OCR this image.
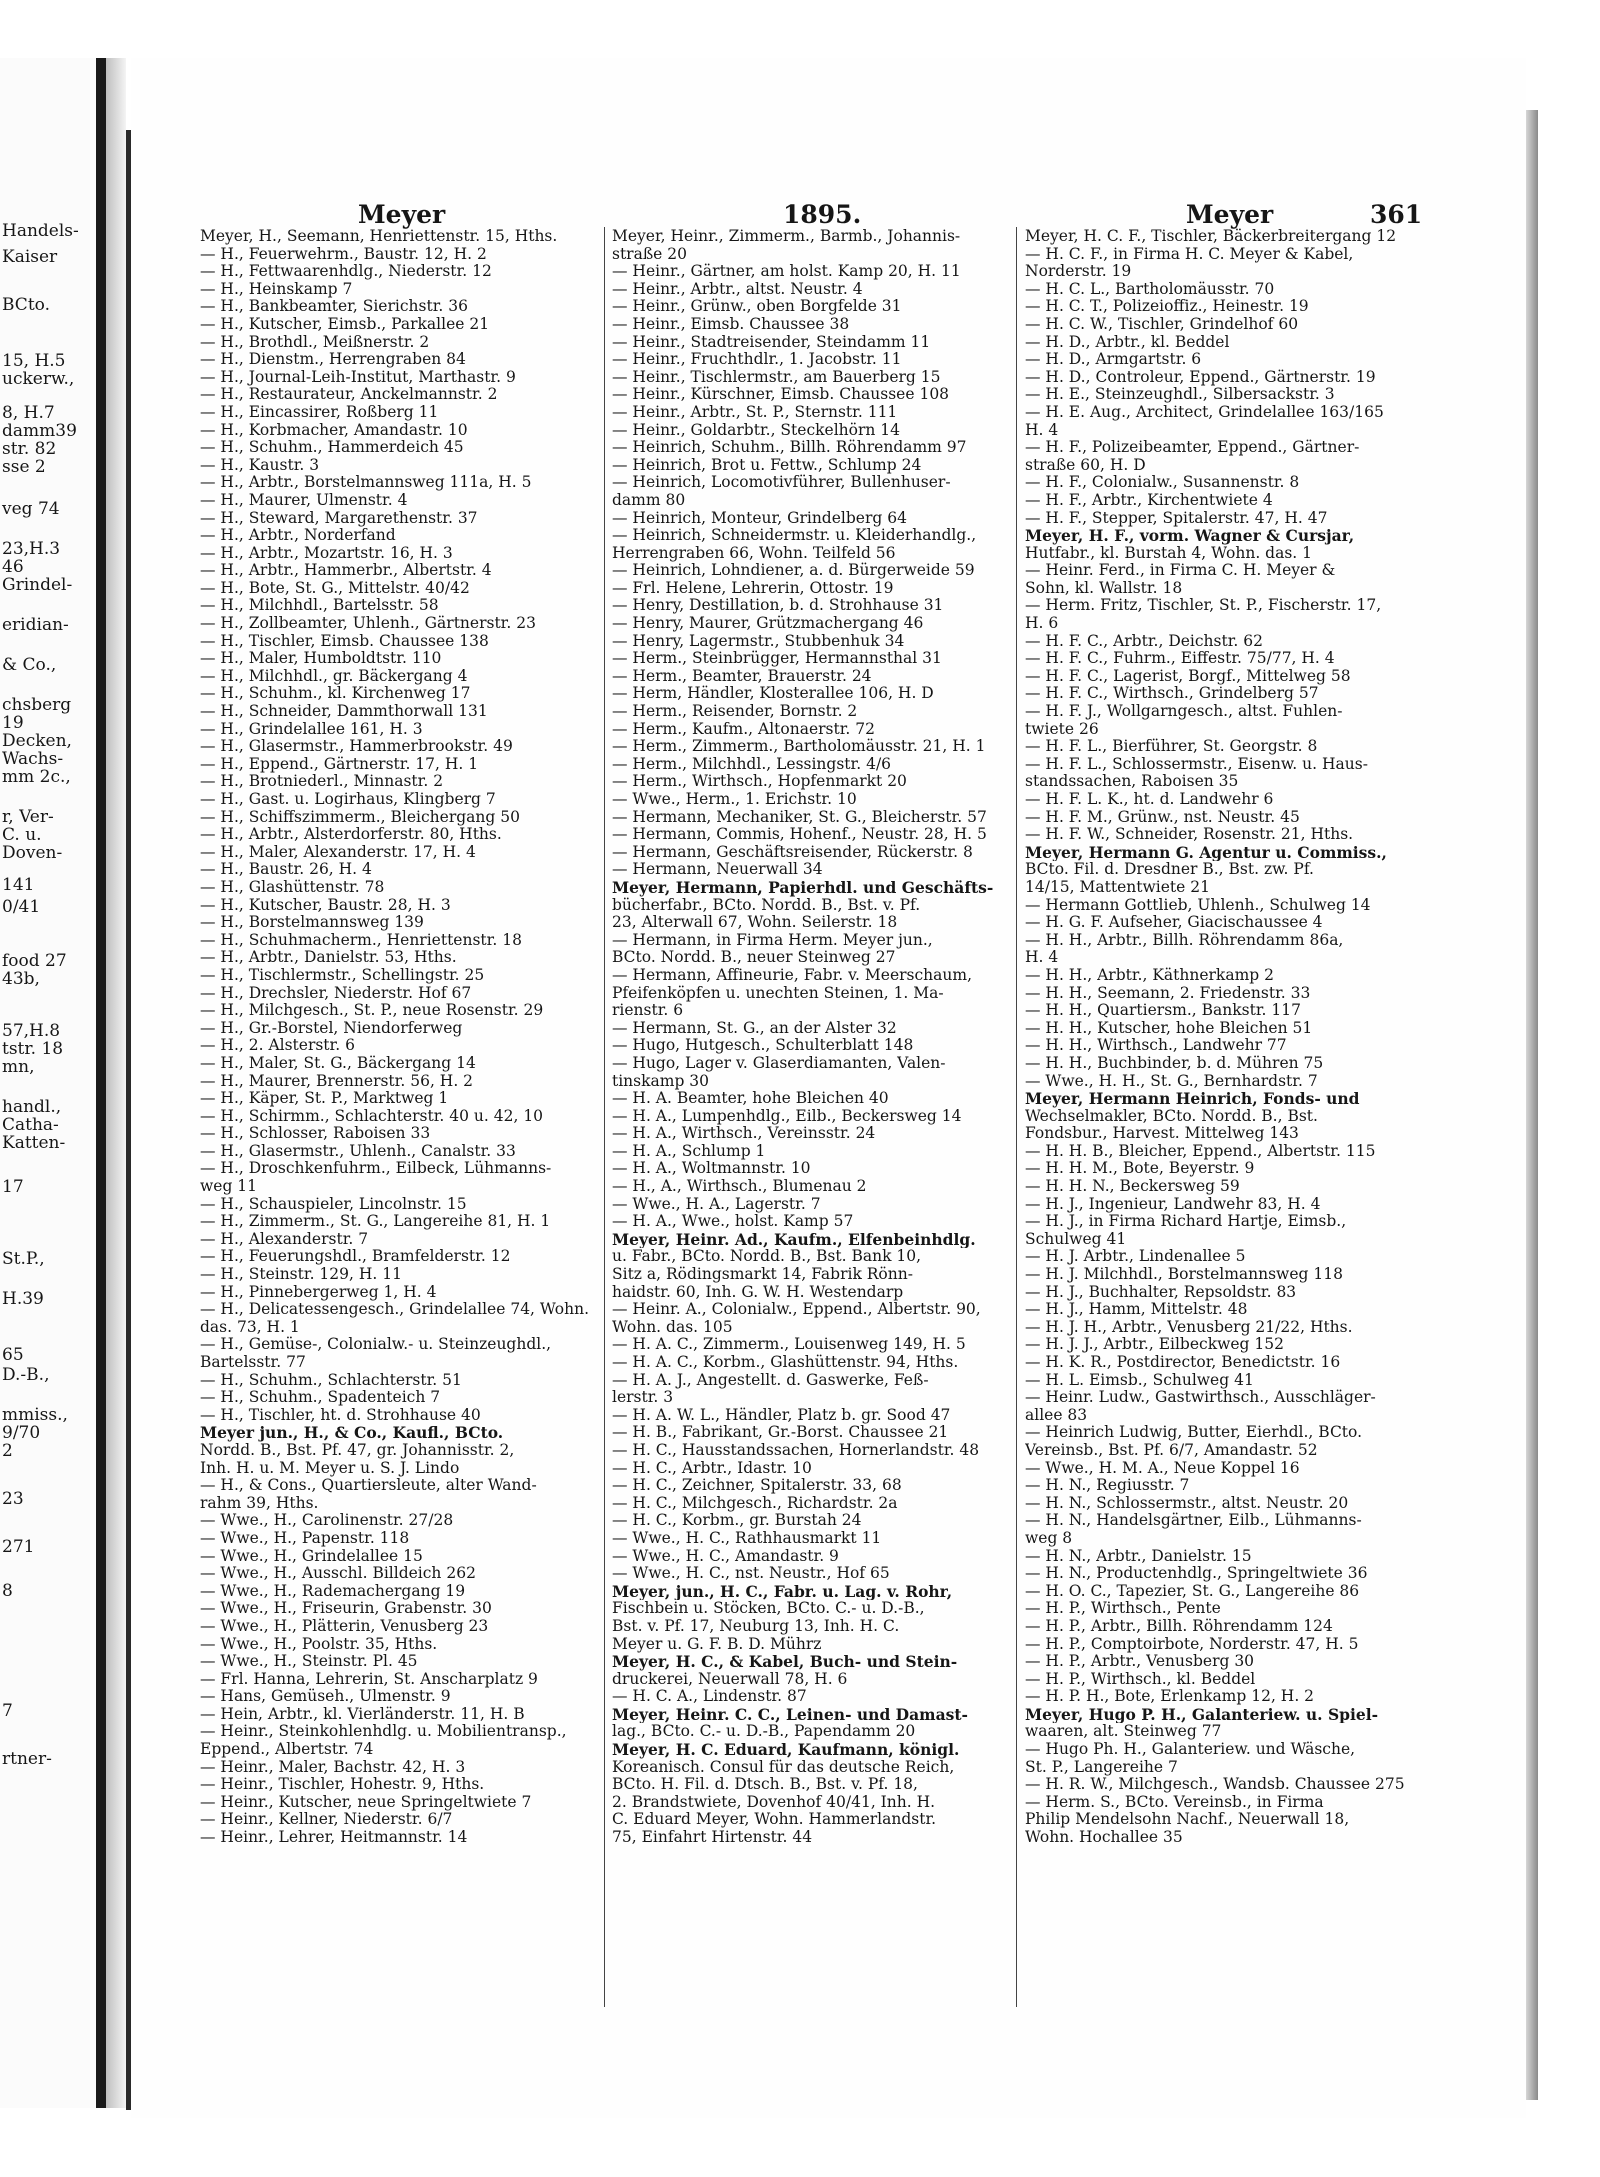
Handels-
Kaiser
BCto.
15, H.5
uckerw.,
8, H.7
damm39
str. 82
sse 2
veg 74
23,H.3
46
Grindel-
eridian-
& Co.,
chsberg
19
Decken,
Wachs-
mm 2c.,
r, Ver-
C. u.
Doven-
141
0/41
food 27
43b,
57,H.8
tstr. 18
mn,
handl.,
Catha-
Katten-
17
St.P.,
H.39
65
D.-B.,
mmiss.,
9/70
2
23
271
8
7
rtner-
Meyer	1895.	Meyer	361
Meyer, H., Seemann, Henriettenstr. 15, Hths.
— H., Feuerwehrm., Baustr. 12, H. 2
— H., Fettwaarenhdlg., Niederstr. 12
— H., Heinskamp 7
— H., Bankbeamter, Sierichstr. 36
— H., Kutscher, Eimsb., Parkallee 21
— H., Brothdl., Meißnerstr. 2
— H., Dienstm., Herrengraben 84
— H., Journal-Leih-Institut, Marthastr. 9
— H., Restaurateur, Anckelmannstr. 2
— H., Eincassirer, Roßberg 11
— H., Korbmacher, Amandastr. 10
— H., Schuhm., Hammerdeich 45
— H., Kaustr. 3
— H., Arbtr., Borstelmannsweg 111a, H. 5
— H., Maurer, Ulmenstr. 4
— H., Steward, Margarethenstr. 37
— H., Arbtr., Norderfand
— H., Arbtr., Mozartstr. 16, H. 3
— H., Arbtr., Hammerbr., Albertstr. 4
— H., Bote, St. G., Mittelstr. 40/42
— H., Milchhdl., Bartelsstr. 58
— H., Zollbeamter, Uhlenh., Gärtnerstr. 23
— H., Tischler, Eimsb. Chaussee 138
— H., Maler, Humboldtstr. 110
— H., Milchhdl., gr. Bäckergang 4
— H., Schuhm., kl. Kirchenweg 17
— H., Schneider, Dammthorwall 131
— H., Grindelallee 161, H. 3
— H., Glasermstr., Hammerbrookstr. 49
— H., Eppend., Gärtnerstr. 17, H. 1
— H., Brotniederl., Minnastr. 2
— H., Gast. u. Logirhaus, Klingberg 7
— H., Schiffszimmerm., Bleichergang 50
— H., Arbtr., Alsterdorferstr. 80, Hths.
— H., Maler, Alexanderstr. 17, H. 4
— H., Baustr. 26, H. 4
— H., Glashüttenstr. 78
— H., Kutscher, Baustr. 28, H. 3
— H., Borstelmannsweg 139
— H., Schuhmacherm., Henriettenstr. 18
— H., Arbtr., Danielstr. 53, Hths.
— H., Tischlermstr., Schellingstr. 25
— H., Drechsler, Niederstr. Hof 67
— H., Milchgesch., St. P., neue Rosenstr. 29
— H., Gr.-Borstel, Niendorferweg
— H., 2. Alsterstr. 6
— H., Maler, St. G., Bäckergang 14
— H., Maurer, Brennerstr. 56, H. 2
— H., Käper, St. P., Marktweg 1
— H., Schirmm., Schlachterstr. 40 u. 42, 10
— H., Schlosser, Raboisen 33
— H., Glasermstr., Uhlenh., Canalstr. 33
— H., Droschkenfuhrm., Eilbeck, Lühmanns-
weg 11
— H., Schauspieler, Lincolnstr. 15
— H., Zimmerm., St. G., Langereihe 81, H. 1
— H., Alexanderstr. 7
— H., Feuerungshdl., Bramfelderstr. 12
— H., Steinstr. 129, H. 11
— H., Pinnebergerweg 1, H. 4
— H., Delicatessengesch., Grindelallee 74, Wohn.
das. 73, H. 1
— H., Gemüse-, Colonialw.- u. Steinzeughdl.,
Bartelsstr. 77
— H., Schuhm., Schlachterstr. 51
— H., Schuhm., Spadenteich 7
— H., Tischler, ht. d. Strohhause 40
Meyer jun., H., & Co., Kaufl., BCto.
Nordd. B., Bst. Pf. 47, gr. Johannisstr. 2,
Inh. H. u. M. Meyer u. S. J. Lindo
— H., & Cons., Quartiersleute, alter Wand-
rahm 39, Hths.
— Wwe., H., Carolinenstr. 27/28
— Wwe., H., Papenstr. 118
— Wwe., H., Grindelallee 15
— Wwe., H., Ausschl. Billdeich 262
— Wwe., H., Rademachergang 19
— Wwe., H., Friseurin, Grabenstr. 30
— Wwe., H., Plätterin, Venusberg 23
— Wwe., H., Poolstr. 35, Hths.
— Wwe., H., Steinstr. Pl. 45
— Frl. Hanna, Lehrerin, St. Anscharplatz 9
— Hans, Gemüseh., Ulmenstr. 9
— Hein, Arbtr., kl. Vierländerstr. 11, H. B
— Heinr., Steinkohlenhdlg. u. Mobilientransp.,
Eppend., Albertstr. 74
— Heinr., Maler, Bachstr. 42, H. 3
— Heinr., Tischler, Hohestr. 9, Hths.
— Heinr., Kutscher, neue Springeltwiete 7
— Heinr., Kellner, Niederstr. 6/7
— Heinr., Lehrer, Heitmannstr. 14
Meyer, Heinr., Zimmerm., Barmb., Johannis-
straße 20
— Heinr., Gärtner, am holst. Kamp 20, H. 11
— Heinr., Arbtr., altst. Neustr. 4
— Heinr., Grünw., oben Borgfelde 31
— Heinr., Eimsb. Chaussee 38
— Heinr., Stadtreisender, Steindamm 11
— Heinr., Fruchthdlr., 1. Jacobstr. 11
— Heinr., Tischlermstr., am Bauerberg 15
— Heinr., Kürschner, Eimsb. Chaussee 108
— Heinr., Arbtr., St. P., Sternstr. 111
— Heinr., Goldarbtr., Steckelhörn 14
— Heinrich, Schuhm., Billh. Röhrendamm 97
— Heinrich, Brot u. Fettw., Schlump 24
— Heinrich, Locomotivführer, Bullenhuser-
damm 80
— Heinrich, Monteur, Grindelberg 64
— Heinrich, Schneidermstr. u. Kleiderhandlg.,
Herrengraben 66, Wohn. Teilfeld 56
— Heinrich, Lohndiener, a. d. Bürgerweide 59
— Frl. Helene, Lehrerin, Ottostr. 19
— Henry, Destillation, b. d. Strohhause 31
— Henry, Maurer, Grützmachergang 46
— Henry, Lagermstr., Stubbenhuk 34
— Herm., Steinbrügger, Hermannsthal 31
— Herm., Beamter, Brauerstr. 24
— Herm, Händler, Klosterallee 106, H. D
— Herm., Reisender, Bornstr. 2
— Herm., Kaufm., Altonaerstr. 72
— Herm., Zimmerm., Bartholomäusstr. 21, H. 1
— Herm., Milchhdl., Lessingstr. 4/6
— Herm., Wirthsch., Hopfenmarkt 20
— Wwe., Herm., 1. Erichstr. 10
— Hermann, Mechaniker, St. G., Bleicherstr. 57
— Hermann, Commis, Hohenf., Neustr. 28, H. 5
— Hermann, Geschäftsreisender, Rückerstr. 8
— Hermann, Neuerwall 34
Meyer, Hermann, Papierhdl. und Geschäfts-
bücherfabr., BCto. Nordd. B., Bst. v. Pf.
23, Alterwall 67, Wohn. Seilerstr. 18
— Hermann, in Firma Herm. Meyer jun.,
BCto. Nordd. B., neuer Steinweg 27
— Hermann, Affineurie, Fabr. v. Meerschaum,
Pfeifenköpfen u. unechten Steinen, 1. Ma-
rienstr. 6
— Hermann, St. G., an der Alster 32
— Hugo, Hutgesch., Schulterblatt 148
— Hugo, Lager v. Glaserdiamanten, Valen-
tinskamp 30
— H. A. Beamter, hohe Bleichen 40
— H. A., Lumpenhdlg., Eilb., Beckersweg 14
— H. A., Wirthsch., Vereinsstr. 24
— H. A., Schlump 1
— H. A., Woltmannstr. 10
— H., A., Wirthsch., Blumenau 2
— Wwe., H. A., Lagerstr. 7
— H. A., Wwe., holst. Kamp 57
Meyer, Heinr. Ad., Kaufm., Elfenbeinhdlg.
u. Fabr., BCto. Nordd. B., Bst. Bank 10,
Sitz a, Rödingsmarkt 14, Fabrik Rönn-
haidstr. 60, Inh. G. W. H. Westendarp
— Heinr. A., Colonialw., Eppend., Albertstr. 90,
Wohn. das. 105
— H. A. C., Zimmerm., Louisenweg 149, H. 5
— H. A. C., Korbm., Glashüttenstr. 94, Hths.
— H. A. J., Angestellt. d. Gaswerke, Feß-
lerstr. 3
— H. A. W. L., Händler, Platz b. gr. Sood 47
— H. B., Fabrikant, Gr.-Borst. Chaussee 21
— H. C., Hausstandssachen, Hornerlandstr. 48
— H. C., Arbtr., Idastr. 10
— H. C., Zeichner, Spitalerstr. 33, 68
— H. C., Milchgesch., Richardstr. 2a
— H. C., Korbm., gr. Burstah 24
— Wwe., H. C., Rathhausmarkt 11
— Wwe., H. C., Amandastr. 9
— Wwe., H. C., nst. Neustr., Hof 65
Meyer, jun., H. C., Fabr. u. Lag. v. Rohr,
Fischbein u. Stöcken, BCto. C.- u. D.-B.,
Bst. v. Pf. 17, Neuburg 13, Inh. H. C.
Meyer u. G. F. B. D. Mührz
Meyer, H. C., & Kabel, Buch- und Stein-
druckerei, Neuerwall 78, H. 6
— H. C. A., Lindenstr. 87
Meyer, Heinr. C. C., Leinen- und Damast-
lag., BCto. C.- u. D.-B., Papendamm 20
Meyer, H. C. Eduard, Kaufmann, königl.
Koreanisch. Consul für das deutsche Reich,
BCto. H. Fil. d. Dtsch. B., Bst. v. Pf. 18,
2. Brandstwiete, Dovenhof 40/41, Inh. H.
C. Eduard Meyer, Wohn. Hammerlandstr.
75, Einfahrt Hirtenstr. 44
Meyer, H. C. F., Tischler, Bäckerbreitergang 12
— H. C. F., in Firma H. C. Meyer & Kabel,
Norderstr. 19
— H. C. L., Bartholomäusstr. 70
— H. C. T., Polizeioffiz., Heinestr. 19
— H. C. W., Tischler, Grindelhof 60
— H. D., Arbtr., kl. Beddel
— H. D., Armgartstr. 6
— H. D., Controleur, Eppend., Gärtnerstr. 19
— H. E., Steinzeughdl., Silbersackstr. 3
— H. E. Aug., Architect, Grindelallee 163/165
H. 4
— H. F., Polizeibeamter, Eppend., Gärtner-
straße 60, H. D
— H. F., Colonialw., Susannenstr. 8
— H. F., Arbtr., Kirchentwiete 4
— H. F., Stepper, Spitalerstr. 47, H. 47
Meyer, H. F., vorm. Wagner & Cursjar,
Hutfabr., kl. Burstah 4, Wohn. das. 1
— Heinr. Ferd., in Firma C. H. Meyer &
Sohn, kl. Wallstr. 18
— Herm. Fritz, Tischler, St. P., Fischerstr. 17,
H. 6
— H. F. C., Arbtr., Deichstr. 62
— H. F. C., Fuhrm., Eiffestr. 75/77, H. 4
— H. F. C., Lagerist, Borgf., Mittelweg 58
— H. F. C., Wirthsch., Grindelberg 57
— H. F. J., Wollgarngesch., altst. Fuhlen-
twiete 26
— H. F. L., Bierführer, St. Georgstr. 8
— H. F. L., Schlossermstr., Eisenw. u. Haus-
standssachen, Raboisen 35
— H. F. L. K., ht. d. Landwehr 6
— H. F. M., Grünw., nst. Neustr. 45
— H. F. W., Schneider, Rosenstr. 21, Hths.
Meyer, Hermann G. Agentur u. Commiss.,
BCto. Fil. d. Dresdner B., Bst. zw. Pf.
14/15, Mattentwiete 21
— Hermann Gottlieb, Uhlenh., Schulweg 14
— H. G. F. Aufseher, Giacischaussee 4
— H. H., Arbtr., Billh. Röhrendamm 86a,
H. 4
— H. H., Arbtr., Käthnerkamp 2
— H. H., Seemann, 2. Friedenstr. 33
— H. H., Quartiersm., Bankstr. 117
— H. H., Kutscher, hohe Bleichen 51
— H. H., Wirthsch., Landwehr 77
— H. H., Buchbinder, b. d. Mühren 75
— Wwe., H. H., St. G., Bernhardstr. 7
Meyer, Hermann Heinrich, Fonds- und
Wechselmakler, BCto. Nordd. B., Bst.
Fondsbur., Harvest. Mittelweg 143
— H. H. B., Bleicher, Eppend., Albertstr. 115
— H. H. M., Bote, Beyerstr. 9
— H. H. N., Beckersweg 59
— H. J., Ingenieur, Landwehr 83, H. 4
— H. J., in Firma Richard Hartje, Eimsb.,
Schulweg 41
— H. J. Arbtr., Lindenallee 5
— H. J. Milchhdl., Borstelmannsweg 118
— H. J., Buchhalter, Repsoldstr. 83
— H. J., Hamm, Mittelstr. 48
— H. J. H., Arbtr., Venusberg 21/22, Hths.
— H. J. J., Arbtr., Eilbeckweg 152
— H. K. R., Postdirector, Benedictstr. 16
— H. L. Eimsb., Schulweg 41
— Heinr. Ludw., Gastwirthsch., Ausschläger-
allee 83
— Heinrich Ludwig, Butter, Eierhdl., BCto.
Vereinsb., Bst. Pf. 6/7, Amandastr. 52
— Wwe., H. M. A., Neue Koppel 16
— H. N., Regiusstr. 7
— H. N., Schlossermstr., altst. Neustr. 20
— H. N., Handelsgärtner, Eilb., Lühmanns-
weg 8
— H. N., Arbtr., Danielstr. 15
— H. N., Productenhdlg., Springeltwiete 36
— H. O. C., Tapezier, St. G., Langereihe 86
— H. P., Wirthsch., Pente
— H. P., Arbtr., Billh. Röhrendamm 124
— H. P., Comptoirbote, Norderstr. 47, H. 5
— H. P., Arbtr., Venusberg 30
— H. P., Wirthsch., kl. Beddel
— H. P. H., Bote, Erlenkamp 12, H. 2
Meyer, Hugo P. H., Galanteriew. u. Spiel-
waaren, alt. Steinweg 77
— Hugo Ph. H., Galanteriew. und Wäsche,
St. P., Langereihe 7
— H. R. W., Milchgesch., Wandsb. Chaussee 275
— Herm. S., BCto. Vereinsb., in Firma
Philip Mendelsohn Nachf., Neuerwall 18,
Wohn. Hochallee 35
